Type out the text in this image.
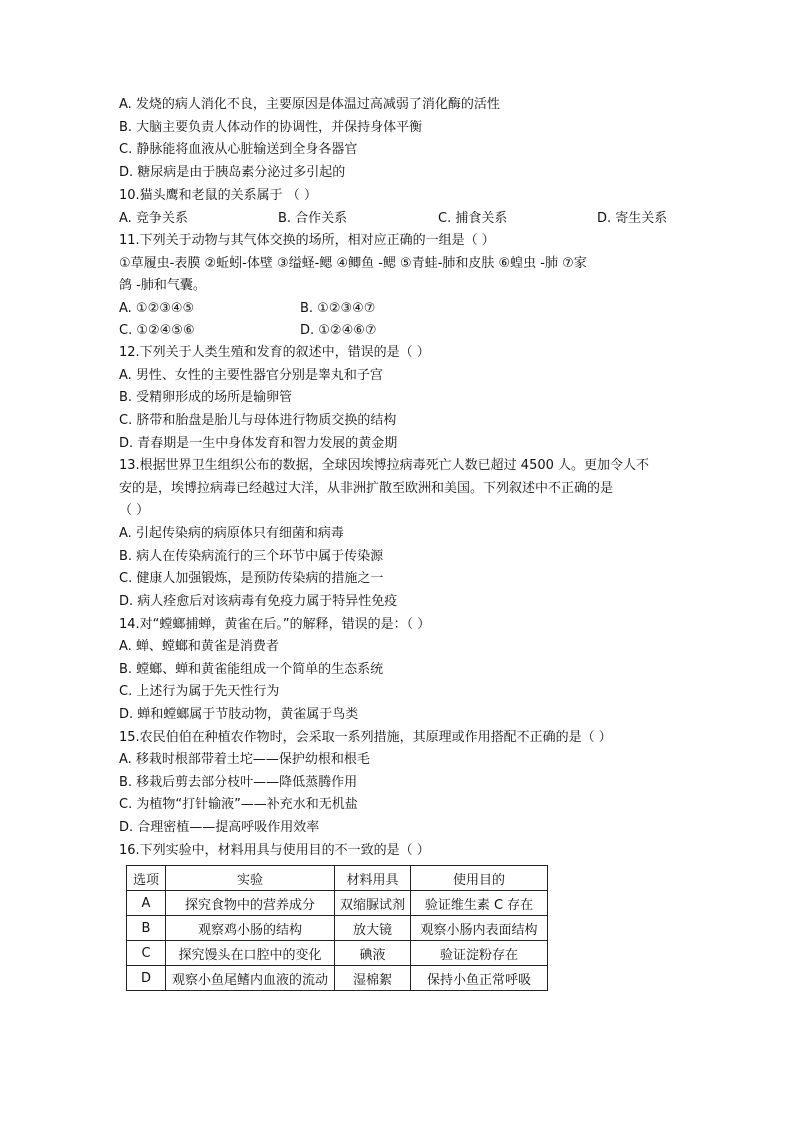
A. 发烧的病人消化不良，主要原因是体温过高减弱了消化酶的活性
B. 大脑主要负责人体动作的协调性，并保持身体平衡
C. 静脉能将血液从心脏输送到全身各器官
D. 糖尿病是由于胰岛素分泌过多引起的
10.猫头鹰和老鼠的关系属于 （ ）
A. 竞争关系	B. 合作关系	C. 捕食关系	D. 寄生关系
11.下列关于动物与其气体交换的场所，相对应正确的一组是（ ）
①草履虫-表膜 ②蚯蚓-体壁 ③缢蛏-鳃 ④鲫鱼 -鳃 ⑤青蛙-肺和皮肤 ⑥蝗虫 -肺 ⑦家
鸽 -肺和气囊。
A. ①②③④⑤	B. ①②③④⑦
C. ①②④⑤⑥	D. ①②④⑥⑦
12.下列关于人类生殖和发育的叙述中，错误的是（ ）
A. 男性、女性的主要性器官分别是睾丸和子宫
B. 受精卵形成的场所是输卵管
C. 脐带和胎盘是胎儿与母体进行物质交换的结构
D. 青春期是一生中身体发育和智力发展的黄金期
13.根据世界卫生组织公布的数据，全球因埃博拉病毒死亡人数已超过 4500 人。更加令人不
安的是，埃博拉病毒已经越过大洋，从非洲扩散至欧洲和美国。下列叙述中不正确的是
（ ）
A. 引起传染病的病原体只有细菌和病毒
B. 病人在传染病流行的三个环节中属于传染源
C. 健康人加强锻炼，是预防传染病的措施之一
D. 病人痊愈后对该病毒有免疫力属于特异性免疫
14.对“螳螂捕蝉，黄雀在后。”的解释，错误的是：（ ）
A. 蝉、螳螂和黄雀是消费者
B. 螳螂、蝉和黄雀能组成一个简单的生态系统
C. 上述行为属于先天性行为
D. 蝉和螳螂属于节肢动物，黄雀属于鸟类
15.农民伯伯在种植农作物时，会采取一系列措施，其原理或作用搭配不正确的是（ ）
A. 移栽时根部带着土坨——保护幼根和根毛
B. 移栽后剪去部分枝叶——降低蒸腾作用
C. 为植物“打针输液”——补充水和无机盐
D. 合理密植——提高呼吸作用效率
16.下列实验中，材料用具与使用目的不一致的是（ ）
选项	实验	材料用具	使用目的
A	探究食物中的营养成分	双缩脲试剂	验证维生素 C 存在
B	观察鸡小肠的结构	放大镜	观察小肠内表面结构
C	探究馒头在口腔中的变化	碘液	验证淀粉存在
D	观察小鱼尾鳍内血液的流动	湿棉絮	保持小鱼正常呼吸
